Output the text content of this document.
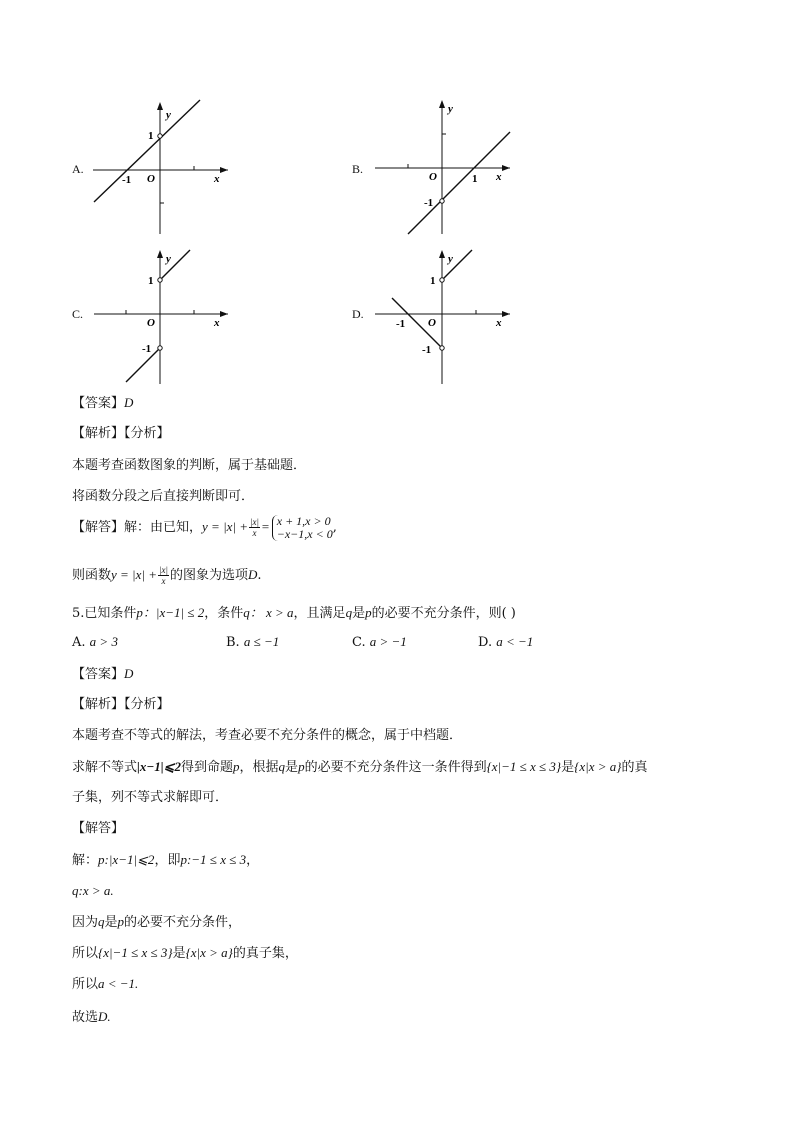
A.
y
x
O
1
-1
B.
y
x
O	1
-1
C.
y
x
O
1
-1
D.
y
x
O
1
-1
-1
【答案】D
【解析】【分析】
本题考查函数图象的判断，属于基础题．
将函数分段之后直接判断即可．
【解答】解：由已知，$y = |x| + \frac{|x|}{x} = x + 1,x > 0$
−x−1,x < 0 ,
则函数$y = |x| + \frac{|x|}{x}$ 的图象为选项D.
5.已知条件p：|x−1| ≤ 2，条件q： x > a，且满足q是p的必要不充分条件，则( )
A. a > 3	B. a ≤ −1	C. a > −1	D. a < −1
【答案】D
【解析】【分析】
本题考查不等式的解法，考查必要不充分条件的概念，属于中档题．
求解不等式|x−1|⩽2得到命题p，根据q是p的必要不充分条件这一条件得到{x|−1 ≤ x ≤ 3}是{x|x > a}的真
子集，列不等式求解即可．
【解答】
解：p:|x−1|⩽2，即p:−1 ≤ x ≤ 3，
q:x > a.
因为q是p的必要不充分条件，
所以{x|−1 ≤ x ≤ 3}是{x|x > a}的真子集，
所以a < −1.
故选D.
